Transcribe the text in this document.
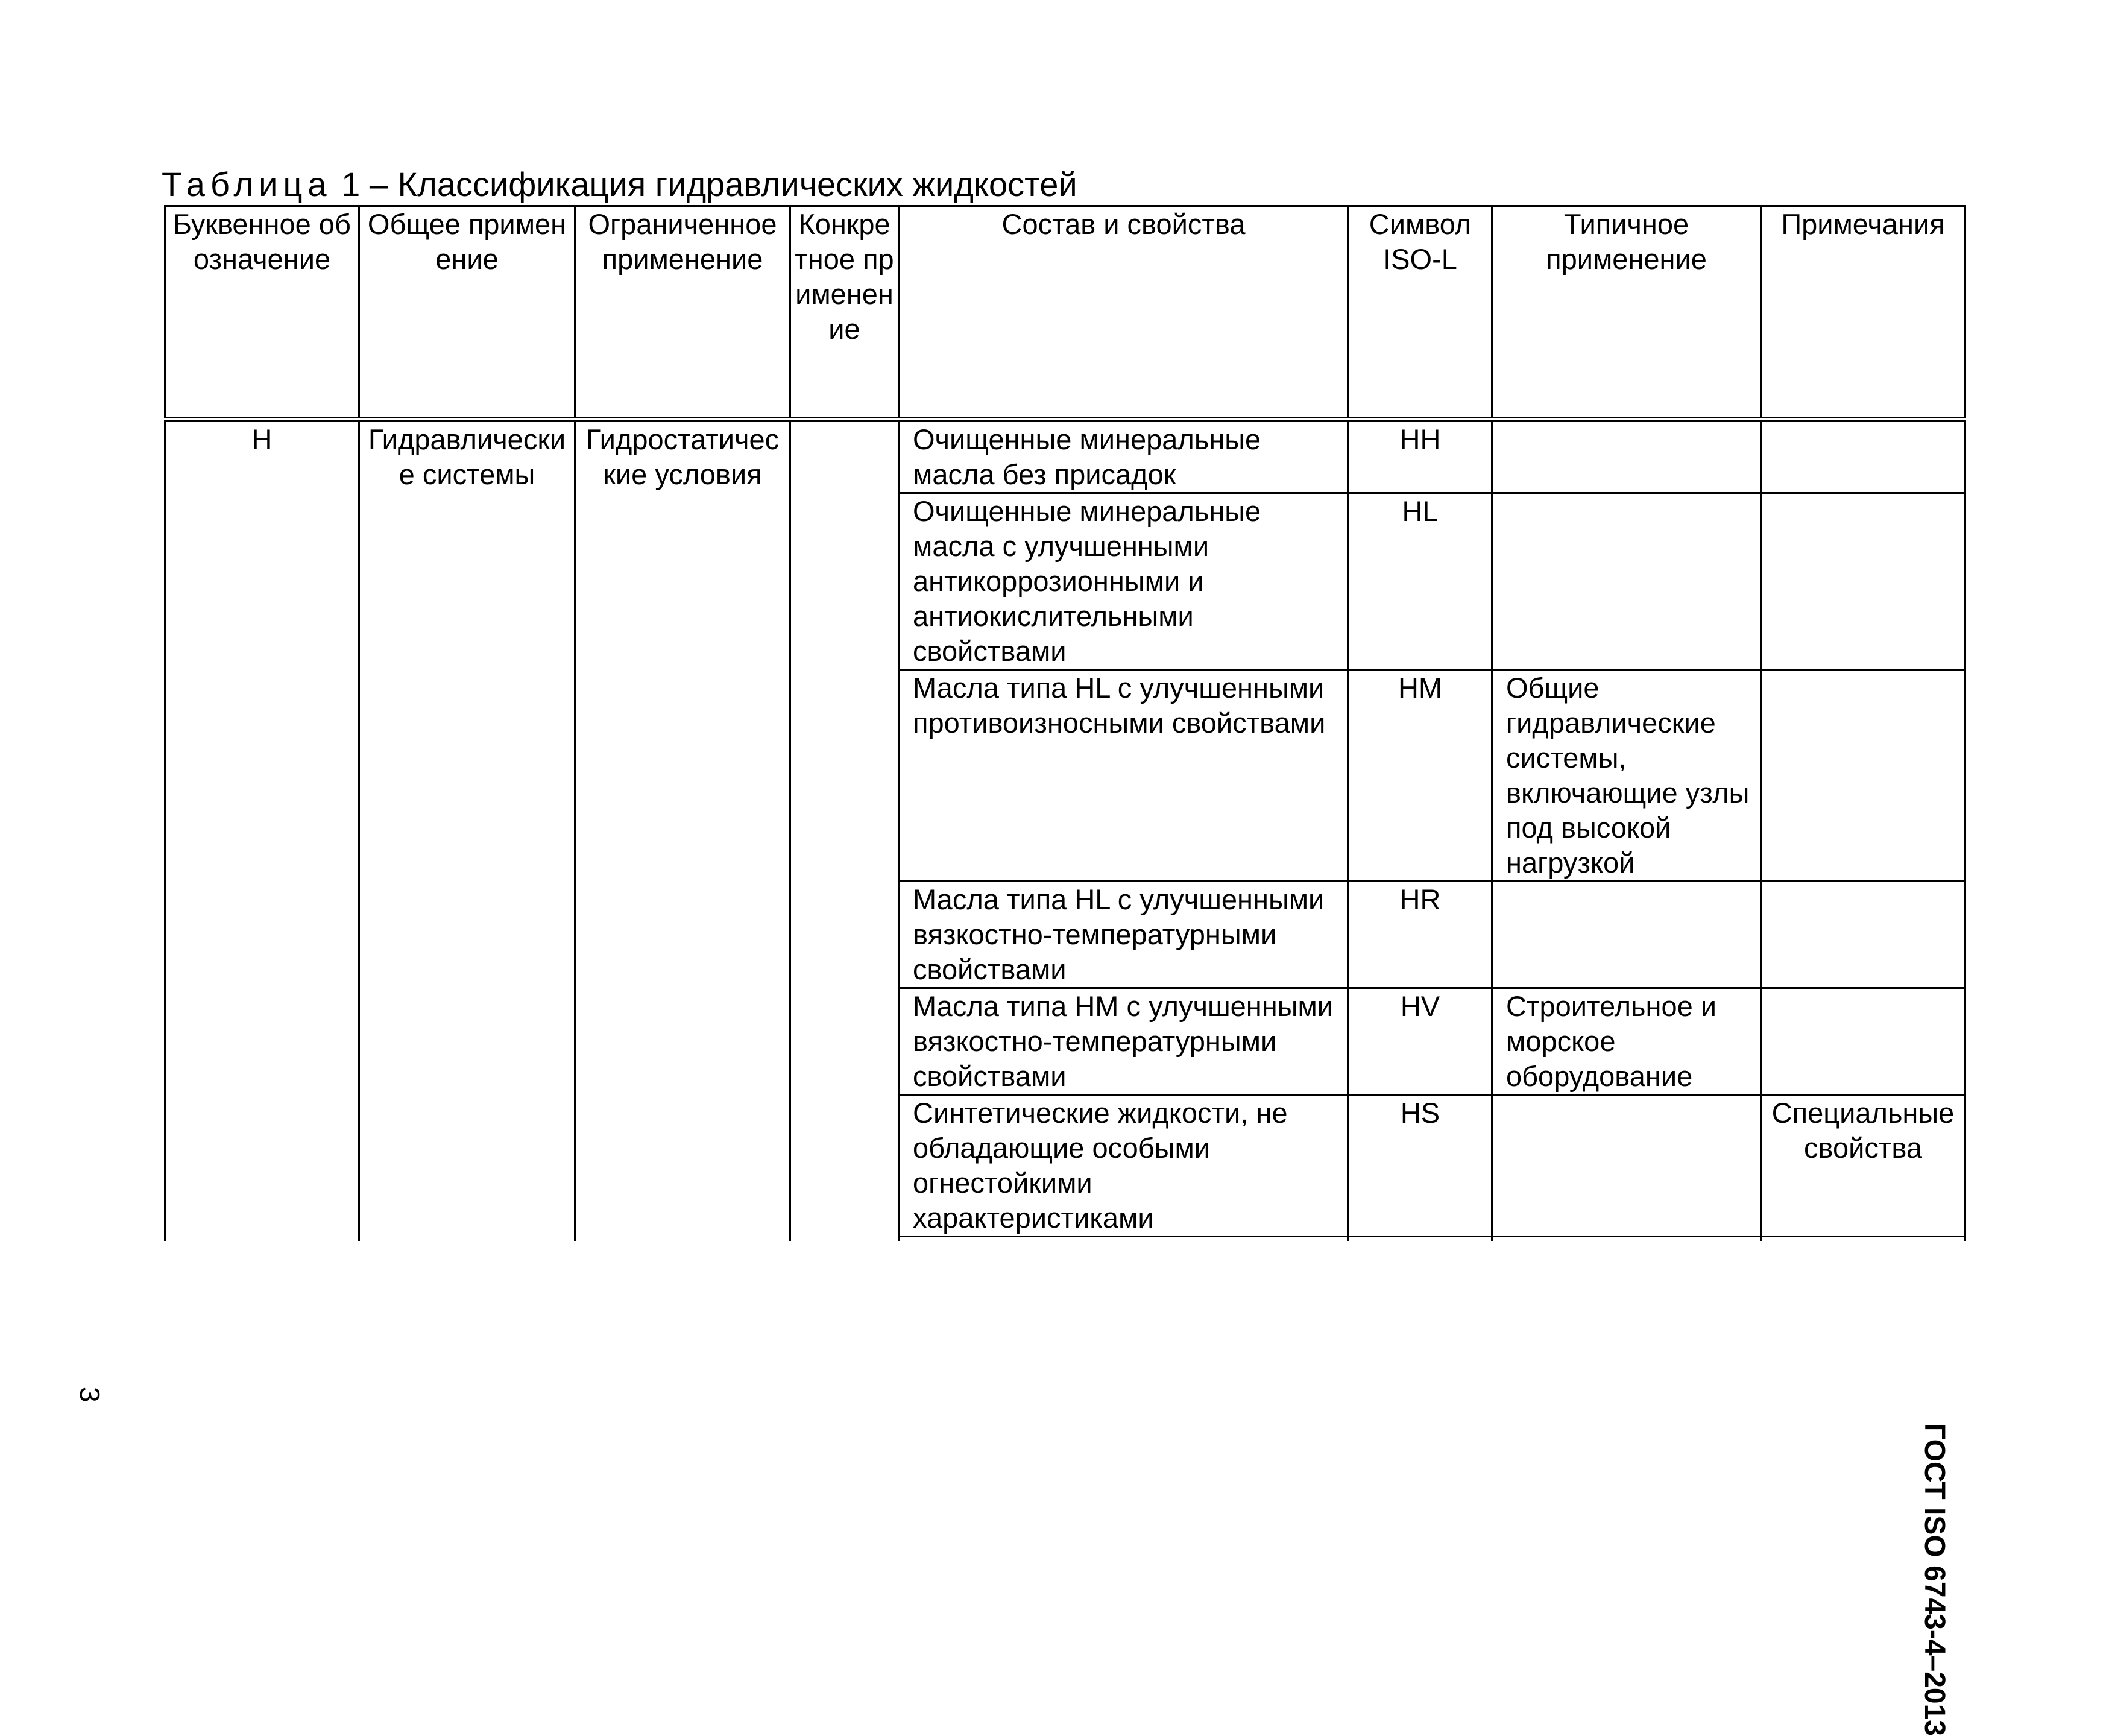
Таблица 1 – Классификация гидравлических жидкостей
Буквенное обозначение	Общее применение	Ограниченное применение	Конкретное применение	Состав и свойства	Символ ISO-L	Типичное применение	Примечания
H	Гидравлические системы	Гидростатические условия		Очищенные минеральные масла без присадок	HH		
				Очищенные минеральные масла с улучшенными антикоррозионными и антиокислительными свойствами	HL		
				Масла типа HL с улучшенными противоизносными свойствами	HM	Общие гидравлические системы, включающие узлы под высокой нагрузкой	
				Масла типа HL с улучшенными вязкостно-температурными свойствами	HR		
				Масла типа HM с улучшенными вязкостно-температурными свойствами	HV	Строительное и морское оборудование	
				Синтетические жидкости, не обладающие особыми огнестойкими характеристиками	HS		Специальные свойства

ГОСТ ISO 6743-4–2013
3
